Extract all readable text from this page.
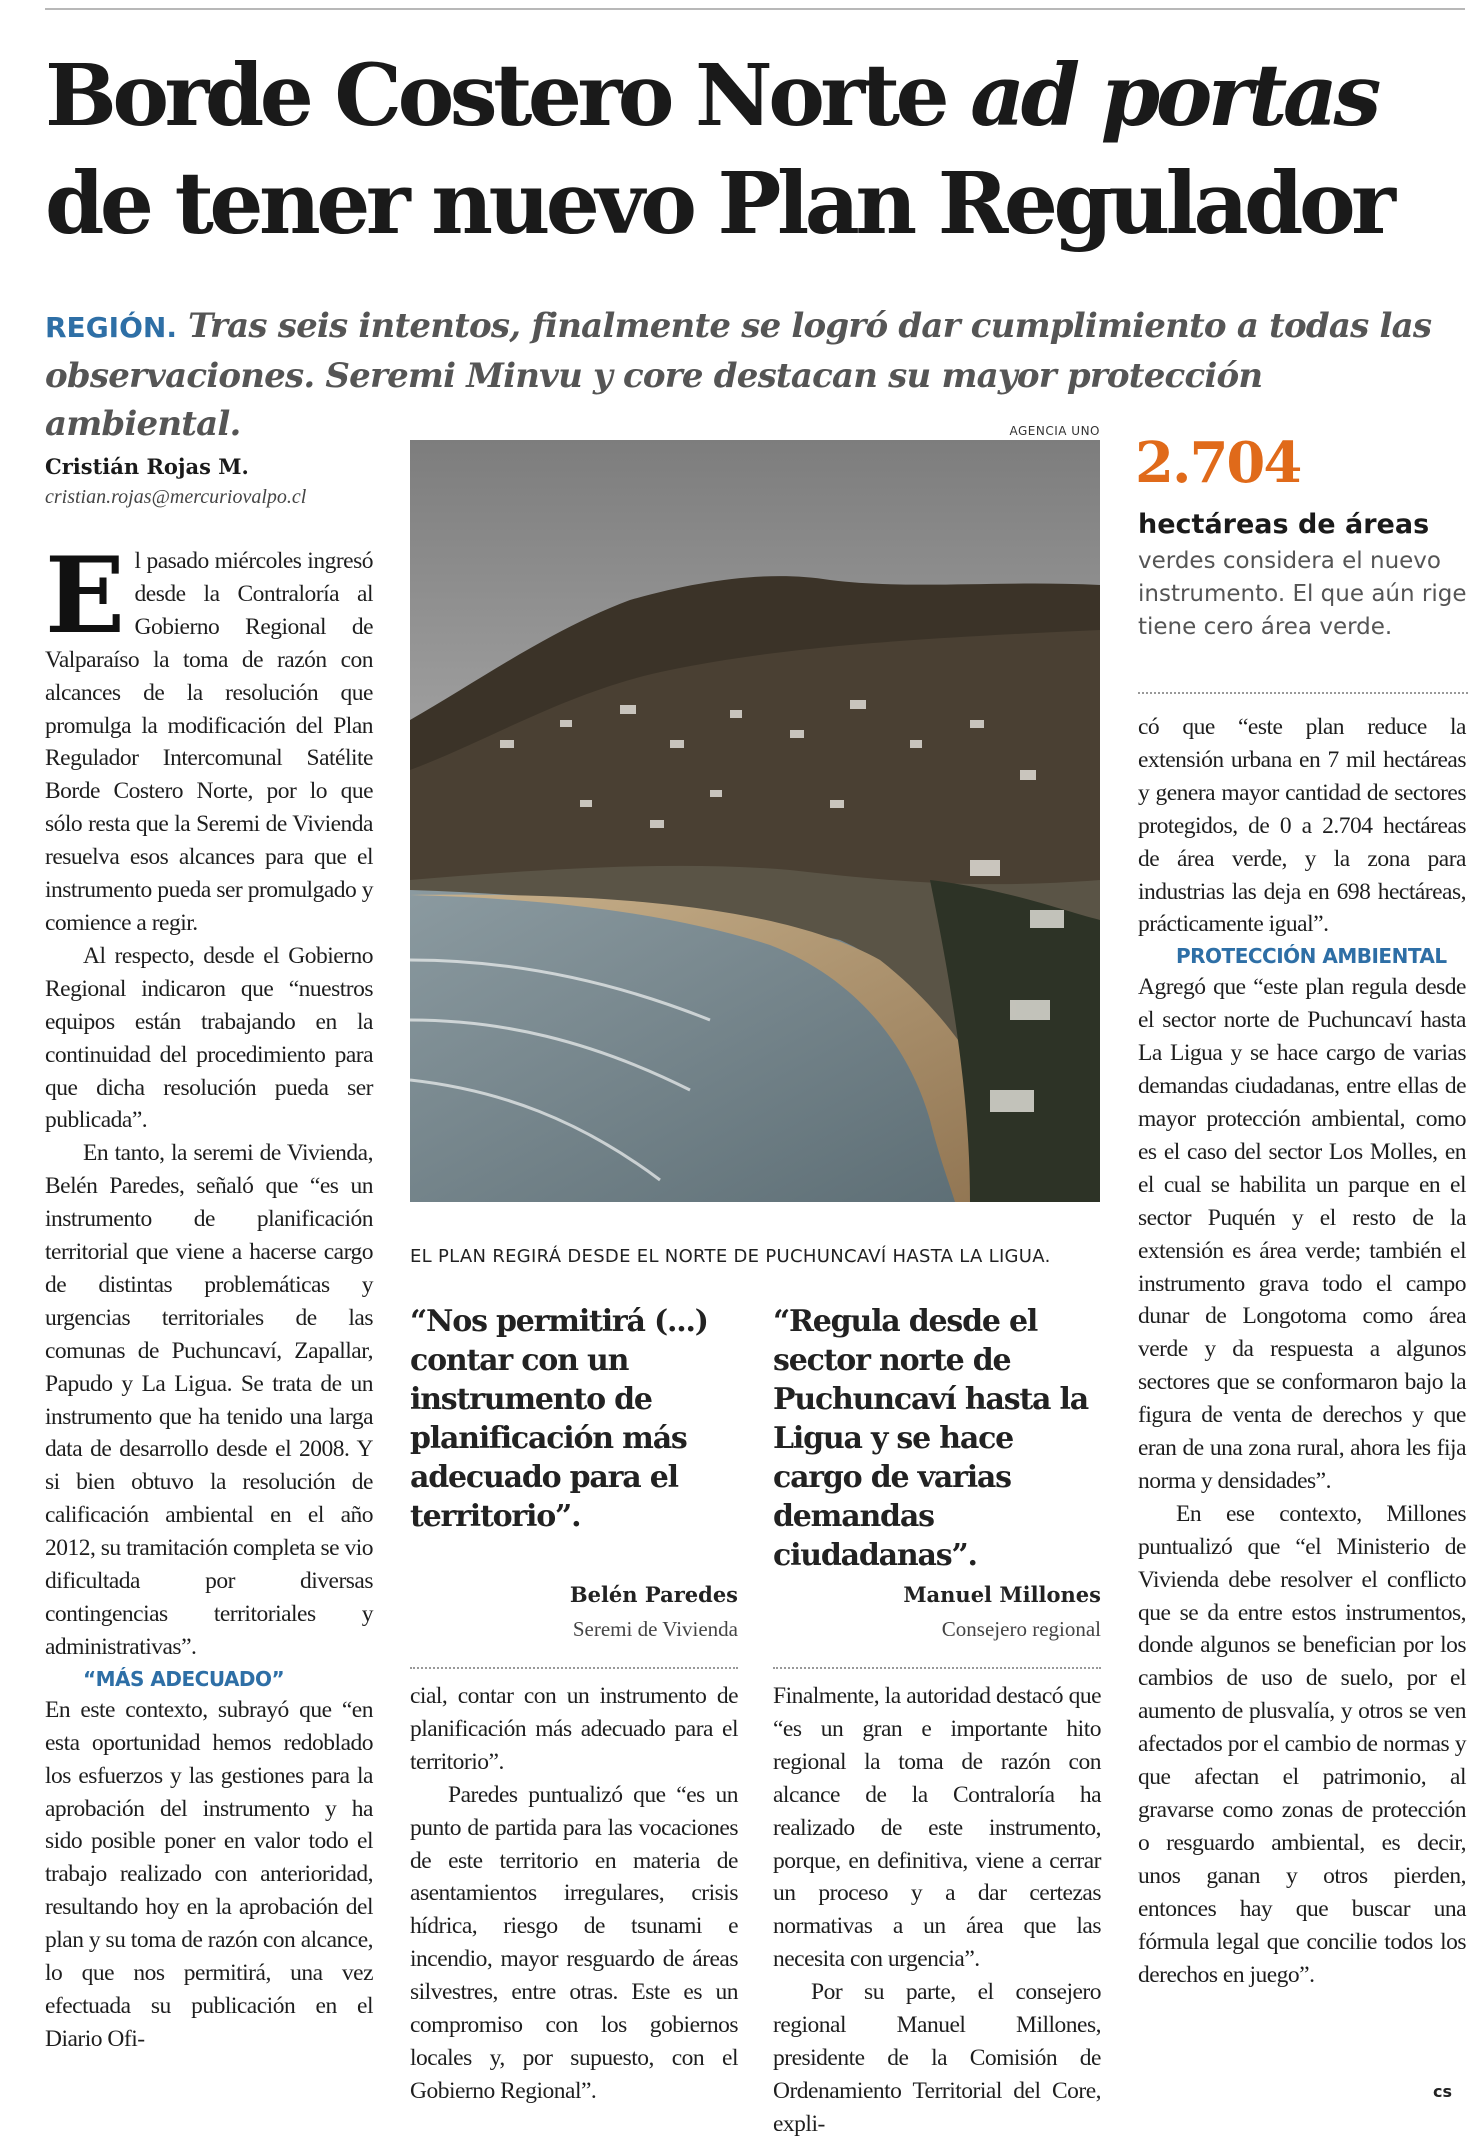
Borde Costero Norte ad portas
de tener nuevo Plan Regulador

REGIÓN. Tras seis intentos, finalmente se logró dar cumplimiento a todas las observaciones. Seremi Minvu y core destacan su mayor protección ambiental.

Cristián Rojas M.
cristian.rojas@mercuriovalpo.cl

El pasado miércoles ingresó desde la Contraloría al Gobierno Regional de Valparaíso la toma de razón con alcances de la resolución que promulga la modificación del Plan Regulador Intercomunal Satélite Borde Costero Norte, por lo que sólo resta que la Seremi de Vivienda resuelva esos alcances para que el instrumento pueda ser promulgado y comience a regir.

Al respecto, desde el Gobierno Regional indicaron que “nuestros equipos están trabajando en la continuidad del procedimiento para que dicha resolución pueda ser publicada”.

En tanto, la seremi de Vivienda, Belén Paredes, señaló que “es un instrumento de planificación territorial que viene a hacerse cargo de distintas problemáticas y urgencias territoriales de las comunas de Puchuncaví, Zapallar, Papudo y La Ligua. Se trata de un instrumento que ha tenido una larga data de desarrollo desde el 2008. Y si bien obtuvo la resolución de calificación ambiental en el año 2012, su tramitación completa se vio dificultada por diversas contingencias territoriales y administrativas”.

“MÁS ADECUADO”

En este contexto, subrayó que “en esta oportunidad hemos redoblado los esfuerzos y las gestiones para la aprobación del instrumento y ha sido posible poner en valor todo el trabajo realizado con anterioridad, resultando hoy en la aprobación del plan y su toma de razón con alcance, lo que nos permitirá, una vez efectuada su publicación en el Diario Ofi-

AGENCIA UNO
EL PLAN REGIRÁ DESDE EL NORTE DE PUCHUNCAVÍ HASTA LA LIGUA.
2.704
hectáreas de áreas
verdes considera el nuevo instrumento. El que aún rige tiene cero área verde.
“Nos permitirá (...) contar con un instrumento de planificación más adecuado para el territorio”.
Belén Paredes
Seremi de Vivienda
“Regula desde el sector norte de Puchuncaví hasta la Ligua y se hace cargo de varias demandas ciudadanas”.
Manuel Millones
Consejero regional

cial, contar con un instrumento de planificación más adecuado para el territorio”.

Paredes puntualizó que “es un punto de partida para las vocaciones de este territorio en materia de asentamientos irregulares, crisis hídrica, riesgo de tsunami e incendio, mayor resguardo de áreas silvestres, entre otras. Este es un compromiso con los gobiernos locales y, por supuesto, con el Gobierno Regional”.

Finalmente, la autoridad destacó que “es un gran e importante hito regional la toma de razón con alcance de la Contraloría ha realizado de este instrumento, porque, en definitiva, viene a cerrar un proceso y a dar certezas normativas a un área que las necesita con urgencia”.

Por su parte, el consejero regional Manuel Millones, presidente de la Comisión de Ordenamiento Territorial del Core, expli-

có que “este plan reduce la extensión urbana en 7 mil hectáreas y genera mayor cantidad de sectores protegidos, de 0 a 2.704 hectáreas de área verde, y la zona para industrias las deja en 698 hectáreas, prácticamente igual”.

PROTECCIÓN AMBIENTAL

Agregó que “este plan regula desde el sector norte de Puchuncaví hasta La Ligua y se hace cargo de varias demandas ciudadanas, entre ellas de mayor protección ambiental, como es el caso del sector Los Molles, en el cual se habilita un parque en el sector Puquén y el resto de la extensión es área verde; también el instrumento grava todo el campo dunar de Longotoma como área verde y da respuesta a algunos sectores que se conformaron bajo la figura de venta de derechos y que eran de una zona rural, ahora les fija norma y densidades”.

En ese contexto, Millones puntualizó que “el Ministerio de Vivienda debe resolver el conflicto que se da entre estos instrumentos, donde algunos se benefician por los cambios de uso de suelo, por el aumento de plusvalía, y otros se ven afectados por el cambio de normas y que afectan el patrimonio, al gravarse como zonas de protección o resguardo ambiental, es decir, unos ganan y otros pierden, entonces hay que buscar una fórmula legal que concilie todos los derechos en juego”.

cs
